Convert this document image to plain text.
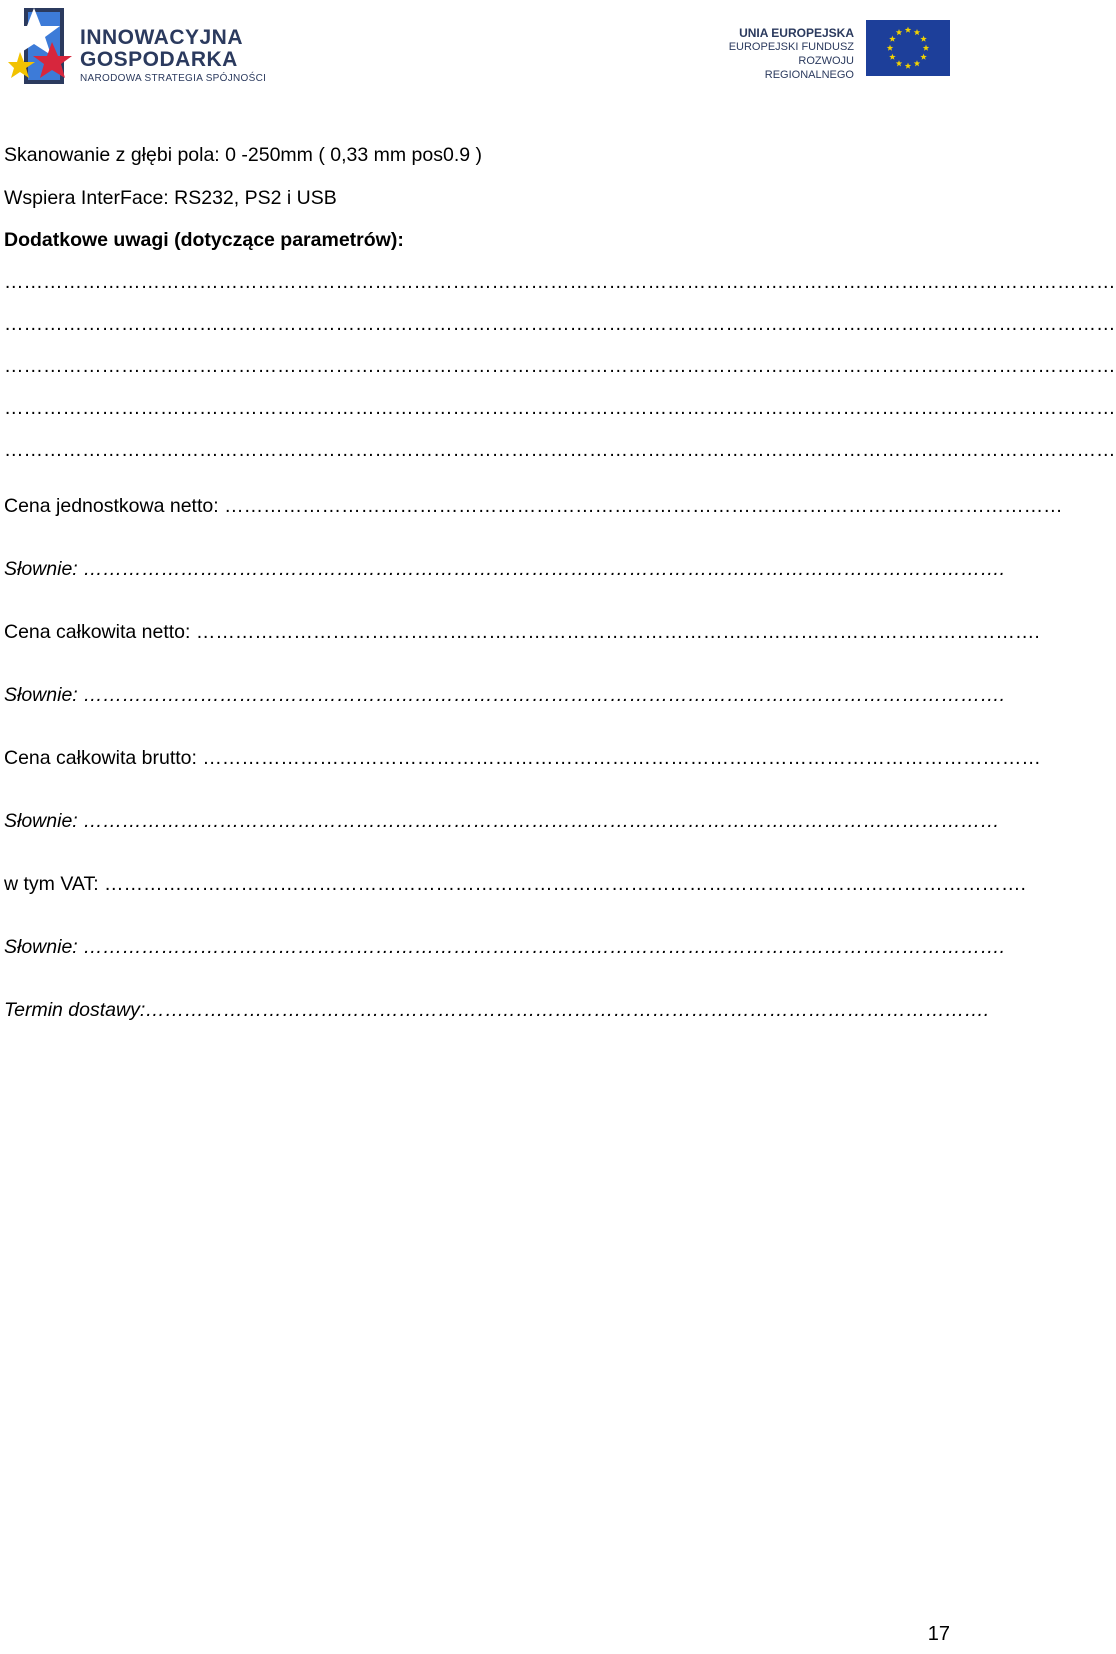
INNOWACYJNA
GOSPODARKA
NARODOWA STRATEGIA SPÓJNOŚCI
UNIA EUROPEJSKA
EUROPEJSKI FUNDUSZ
ROZWOJU REGIONALNEGO
Skanowanie z głębi pola: 0 -250mm ( 0,33 mm pos0.9 )
Wspiera InterFace: RS232, PS2 i USB
Dodatkowe uwagi (dotyczące parametrów):
………………………………………………………………………………………………………………………………………………………
………………………………………………………………………………………………………………………………………………………
………………………………………………………………………………………………………………………………………………………
………………………………………………………………………………………………………………………………………………………
………………………………………………………………………………………………………………………………………………………
Cena jednostkowa netto: …………………………………………………………………………………………………………………
Słownie: …………………………………………………………………………………………………………………………….
Cena całkowita netto: ………………………………………………………………………………………………………………….
Słownie: …………………………………………………………………………………………………………………………….
Cena całkowita brutto: …………………………………………………………………………………………………………………
Słownie: ……………………………………………………………………………………………………………………………
w tym VAT: …………………………………………………………………………………………………………………………….
Słownie: …………………………………………………………………………………………………………………………….
Termin dostawy:………………………………………………………………………………………………………………….
17
